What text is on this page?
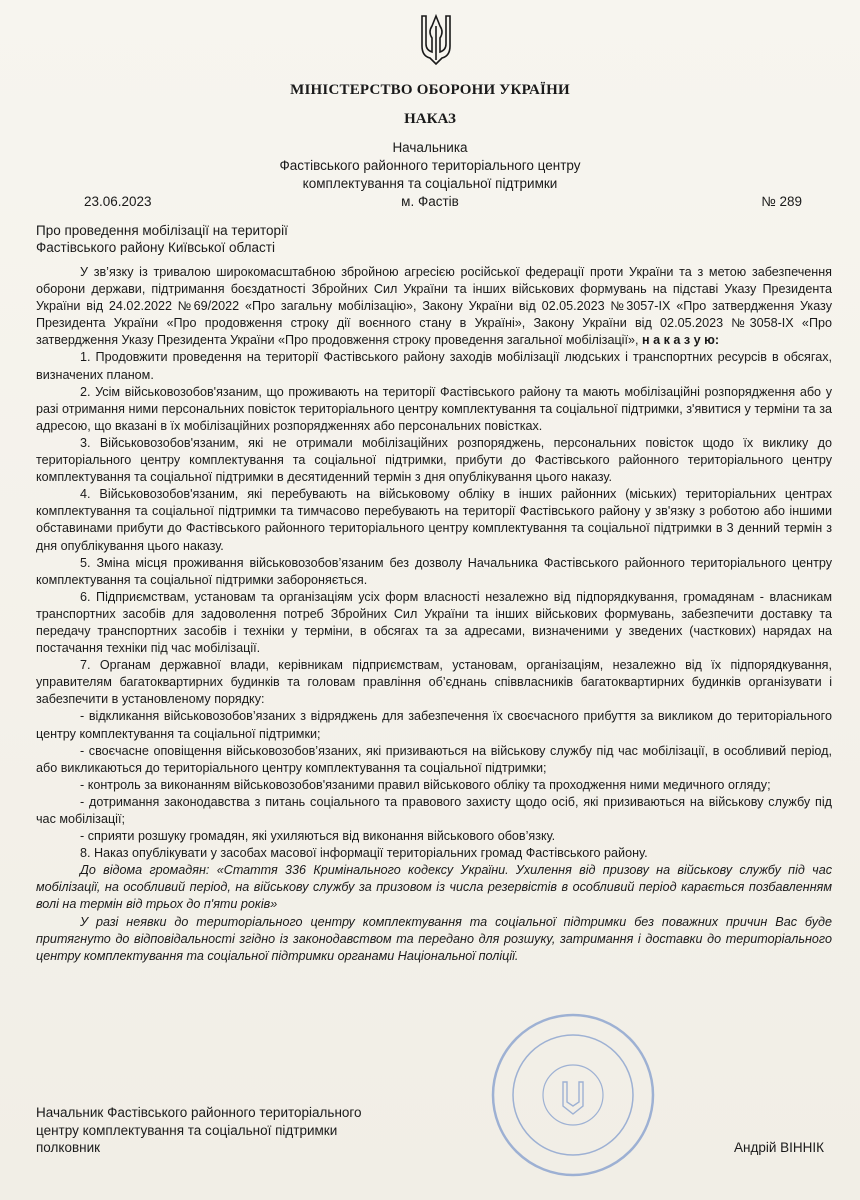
МІНІСТЕРСТВО ОБОРОНИ УКРАЇНИ
НАКАЗ
Начальника
Фастівського районного територіального центру
комплектування та соціальної підтримки
м. Фастів
23.06.2023	№ 289
Про проведення мобілізації на території
Фастівського району Київської області

У зв’язку із тривалою широкомасштабною збройною агресією російської федерації проти України та з метою забезпечення оборони держави, підтримання боєздатності Збройних Сил України та інших військових формувань на підставі Указу Президента України від 24.02.2022 №69/2022 «Про загальну мобілізацію», Закону України від 02.05.2023 №3057-ІХ «Про затвердження Указу Президента України «Про продовження строку дії воєнного стану в Україні», Закону України від 02.05.2023 №3058-ІХ «Про затвердження Указу Президента України «Про продовження строку проведення загальної мобілізації», н а к а з у ю:

1. Продовжити проведення на території Фастівського району заходів мобілізації людських і транспортних ресурсів в обсягах, визначених планом.

2. Усім військовозобов'язаним, що проживають на території Фастівського району та мають мобілізаційні розпорядження або у разі отримання ними персональних повісток територіального центру комплектування та соціальної підтримки, з'явитися у терміни та за адресою, що вказані в їх мобілізаційних розпорядженнях або персональних повістках.

3. Військовозобов'язаним, які не отримали мобілізаційних розпоряджень, персональних повісток щодо їх виклику до територіального центру комплектування та соціальної підтримки, прибути до Фастівського районного територіального центру комплектування та соціальної підтримки в десятиденний термін з дня опублікування цього наказу.

4. Військовозобов'язаним, які перебувають на військовому обліку в інших районних (міських) територіальних центрах комплектування та соціальної підтримки та тимчасово перебувають на території Фастівського району у зв'язку з роботою або іншими обставинами прибути до Фастівського районного територіального центру комплектування та соціальної підтримки в 3 денний термін з дня опублікування цього наказу.

5. Зміна місця проживання військовозобов’язаним без дозволу Начальника Фастівського районного територіального центру комплектування та соціальної підтримки забороняється.

6. Підприємствам, установам та організаціям усіх форм власності незалежно від підпорядкування, громадянам - власникам транспортних засобів для задоволення потреб Збройних Сил України та інших військових формувань, забезпечити доставку та передачу транспортних засобів і техніки у терміни, в обсягах та за адресами, визначеними у зведених (часткових) нарядах на постачання техніки під час мобілізації.

7. Органам державної влади, керівникам підприємствам, установам, організаціям, незалежно від їх підпорядкування, управителям багатоквартирних будинків та головам правління об’єднань співвласників багатоквартирних будинків організувати і забезпечити в установленому порядку:

- відкликання військовозобов’язаних з відряджень для забезпечення їх своєчасного прибуття за викликом до територіального центру комплектування та соціальної підтримки;

- своєчасне оповіщення військовозобов’язаних, які призиваються на військову службу під час мобілізації, в особливий період, або викликаються до територіального центру комплектування та соціальної підтримки;

- контроль за виконанням військовозобов'язаними правил військового обліку та проходження ними медичного огляду;

- дотримання законодавства з питань соціального та правового захисту щодо осіб, які призиваються на військову службу під час мобілізації;

- сприяти розшуку громадян, які ухиляються від виконання військового обов’язку.

8. Наказ опублікувати у засобах масової інформації територіальних громад Фастівського району.

До відома громадян: «Стаття 336 Кримінального кодексу України. Ухилення від призову на військову службу під час мобілізації, на особливий період, на військову службу за призовом із числа резервістів в особливий період карається позбавленням волі на термін від трьох до п'яти років»

У разі неявки до територіального центру комплектування та соціальної підтримки без поважних причин Вас буде притягнуто до відповідальності згідно із законодавством та передано для розшуку, затримання і доставки до територіального центру комплектування та соціальної підтримки органами Національної поліції.

Начальник Фастівського районного територіального
центру комплектування та соціальної підтримки
полковник	Андрій ВІННІК
